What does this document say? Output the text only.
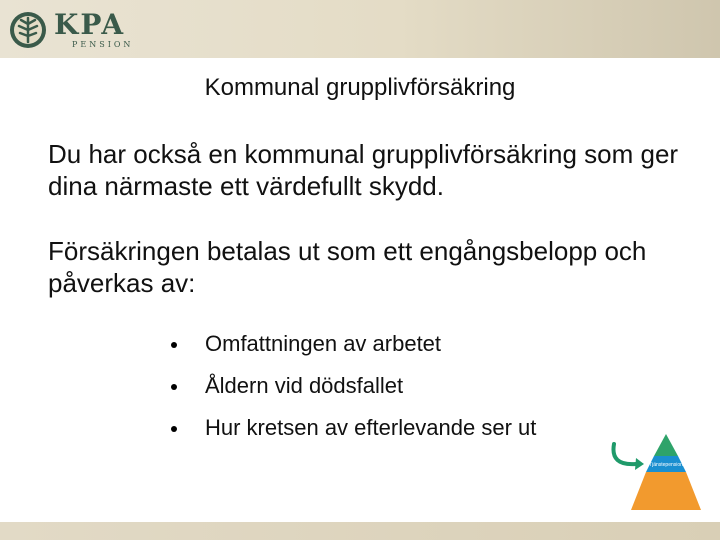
KPA
PENSION
Kommunal grupplivförsäkring
Du har också en kommunal grupplivförsäkring som ger dina närmaste ett värdefullt skydd.
Försäkringen betalas ut som ett engångsbelopp och påverkas av:
Omfattningen av arbetet
Åldern vid dödsfallet
Hur kretsen av efterlevande ser ut
Tjänstepension
